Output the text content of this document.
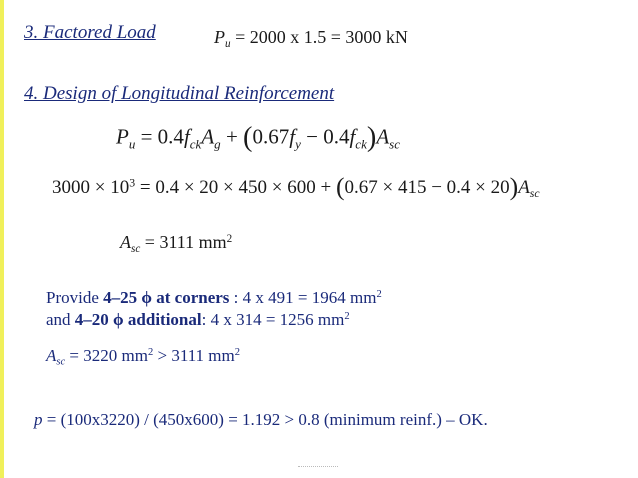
3. Factored Load	$P_u = 2000$ x 1.5 = 3000 kN
4. Design of Longitudinal Reinforcement
$P_u = 0.4f_{ck}A_g + (0.67f_y - 0.4f_{ck})A_{sc}$
$3000 \times 10^3 = 0.4 \times 20 \times 450 \times 600 + (0.67 \times 415 - 0.4 \times 20)A_{sc}$
$A_{sc} = 3111$ $mm^2$
Provide 4–25 ϕ at corners : 4 x 491 = 1964 $mm^2$
and 4–20 ϕ additional: 4 x 314 = 1256 $mm^2$
$A_{sc} = 3220$ $mm^2 > 3111$ $mm^2$
p = (100x3220) / (450x600) = 1.192 > 0.8 (minimum reinf.) – OK.
